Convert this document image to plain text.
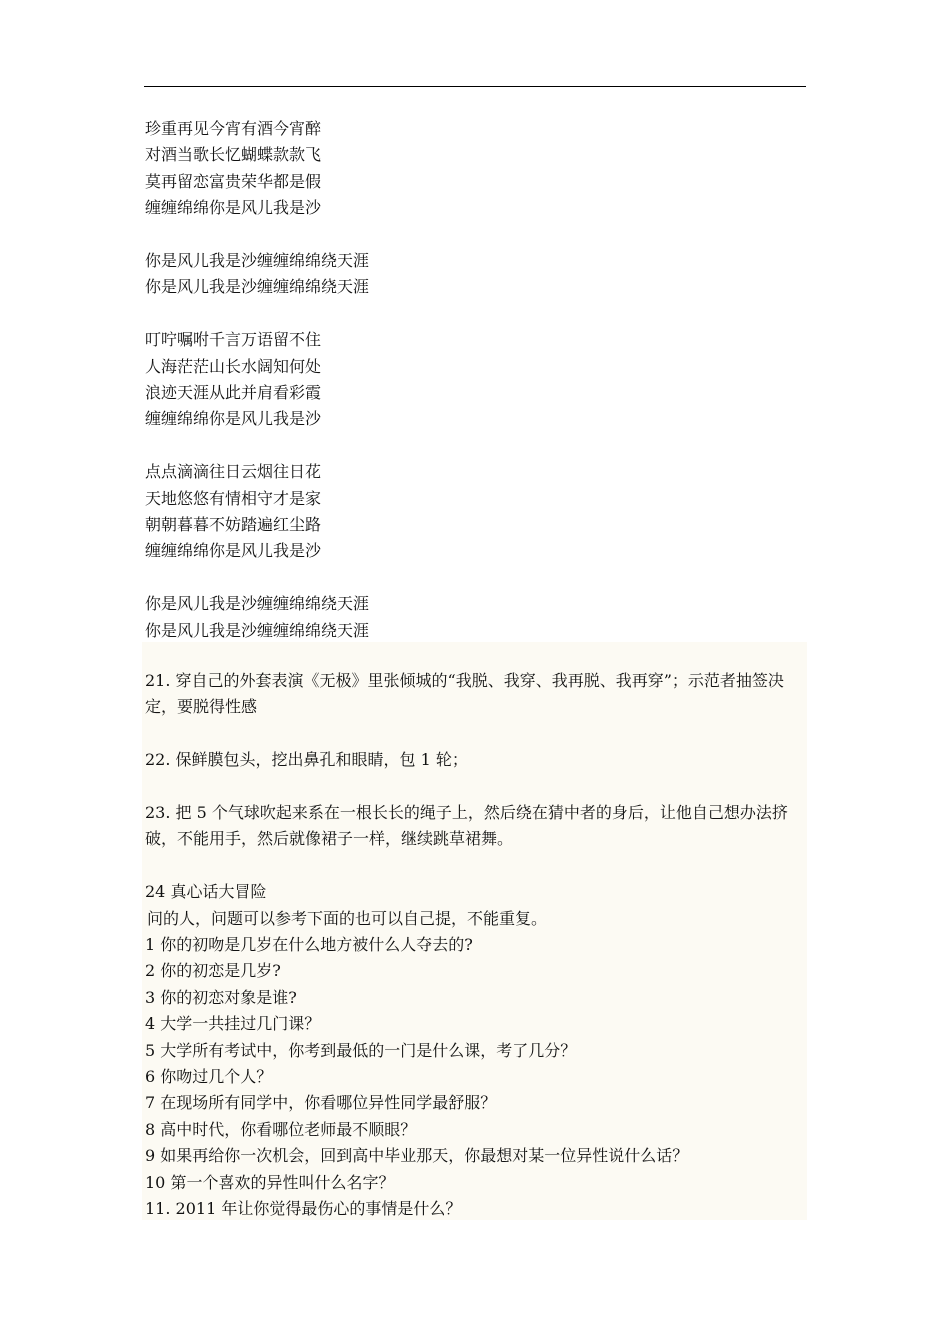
珍重再见今宵有酒今宵醉
对酒当歌长忆蝴蝶款款飞
莫再留恋富贵荣华都是假
缠缠绵绵你是风儿我是沙
你是风儿我是沙缠缠绵绵绕天涯
你是风儿我是沙缠缠绵绵绕天涯
叮咛嘱咐千言万语留不住
人海茫茫山长水阔知何处
浪迹天涯从此并肩看彩霞
缠缠绵绵你是风儿我是沙
点点滴滴往日云烟往日花
天地悠悠有情相守才是家
朝朝暮暮不妨踏遍红尘路
缠缠绵绵你是风儿我是沙
你是风儿我是沙缠缠绵绵绕天涯
你是风儿我是沙缠缠绵绵绕天涯
21. 穿自己的外套表演《无极》里张倾城的“我脱、我穿、我再脱、我再穿”；示范者抽签决定，要脱得性感
22. 保鲜膜包头，挖出鼻孔和眼睛，包 1 轮；
23. 把 5 个气球吹起来系在一根长长的绳子上，然后绕在猜中者的身后，让他自己想办法挤破，不能用手，然后就像裙子一样，继续跳草裙舞。
24 真心话大冒险
问的人，问题可以参考下面的也可以自己提，不能重复。
1 你的初吻是几岁在什么地方被什么人夺去的?
2 你的初恋是几岁?
3 你的初恋对象是谁?
4 大学一共挂过几门课？
5 大学所有考试中，你考到最低的一门是什么课，考了几分？
6 你吻过几个人？
7 在现场所有同学中，你看哪位异性同学最舒服？
8 高中时代，你看哪位老师最不顺眼？
9 如果再给你一次机会，回到高中毕业那天，你最想对某一位异性说什么话？
10 第一个喜欢的异性叫什么名字？
11. 2011 年让你觉得最伤心的事情是什么？
